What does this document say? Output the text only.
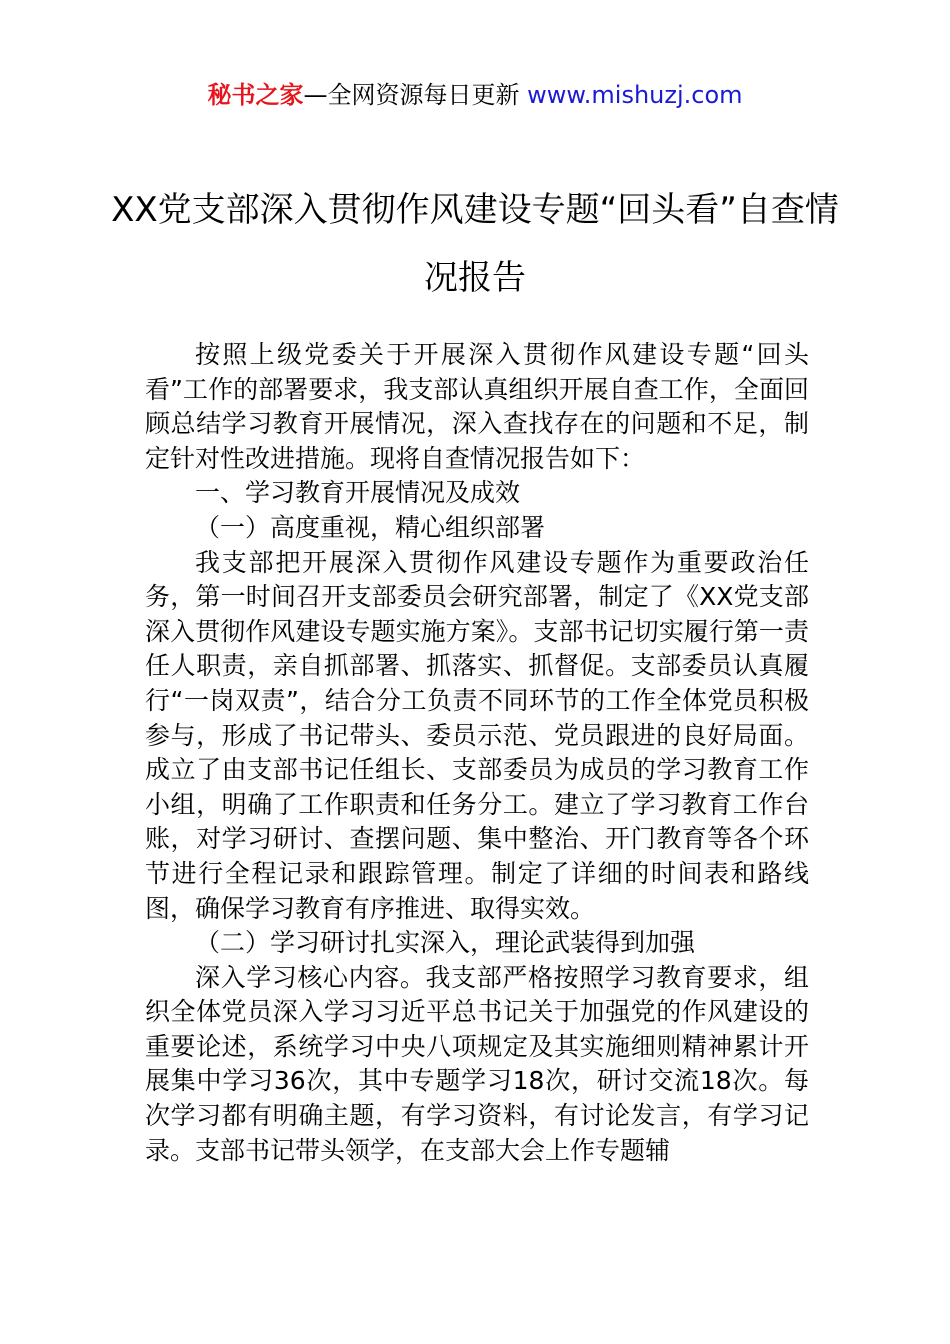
秘书之家—全网资源每日更新 www.mishuzj.com
XX党支部深入贯彻作风建设专题“回头看”自查情况报告

按照上级党委关于开展深入贯彻作风建设专题“回头看”工作的部署要求，我支部认真组织开展自查工作，全面回顾总结学习教育开展情况，深入查找存在的问题和不足，制定针对性改进措施。现将自查情况报告如下：

一、学习教育开展情况及成效

（一）高度重视，精心组织部署

我支部把开展深入贯彻作风建设专题作为重要政治任务，第一时间召开支部委员会研究部署，制定了《XX党支部深入贯彻作风建设专题实施方案》。支部书记切实履行第一责任人职责，亲自抓部署、抓落实、抓督促。支部委员认真履行“一岗双责”，结合分工负责不同环节的工作全体党员积极参与，形成了书记带头、委员示范、党员跟进的良好局面。成立了由支部书记任组长、支部委员为成员的学习教育工作小组，明确了工作职责和任务分工。建立了学习教育工作台账，对学习研讨、查摆问题、集中整治、开门教育等各个环节进行全程记录和跟踪管理。制定了详细的时间表和路线图，确保学习教育有序推进、取得实效。

（二）学习研讨扎实深入，理论武装得到加强

深入学习核心内容。我支部严格按照学习教育要求，组织全体党员深入学习习近平总书记关于加强党的作风建设的重要论述，系统学习中央八项规定及其实施细则精神累计开展集中学习36次，其中专题学习18次，研讨交流18次。每次学习都有明确主题，有学习资料，有讨论发言，有学习记录。支部书记带头领学，在支部大会上作专题辅
